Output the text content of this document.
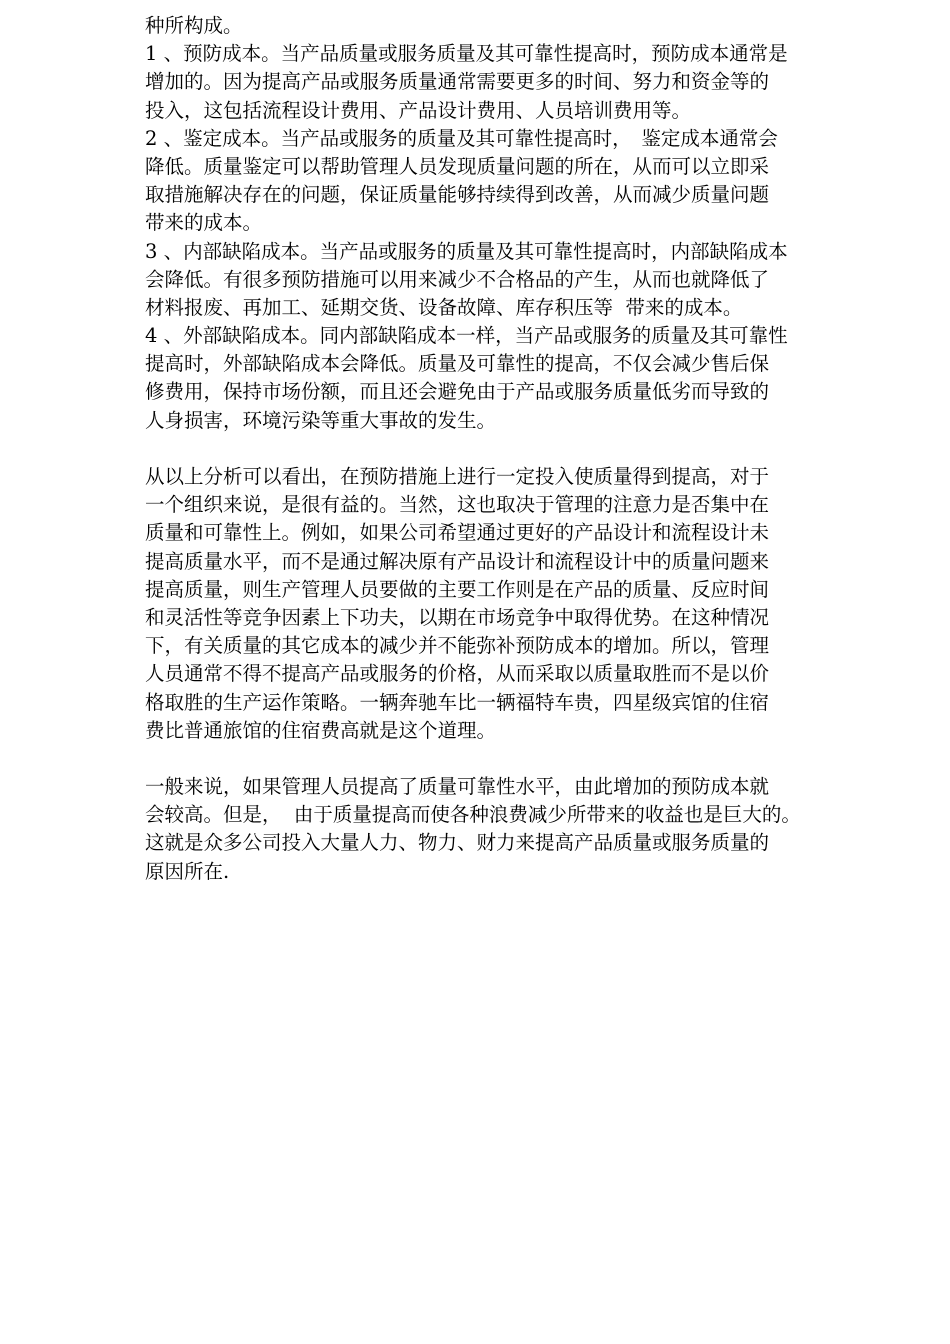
种所构成。
1 、预防成本。当产品质量或服务质量及其可靠性提高时，预防成本通常是
增加的。因为提高产品或服务质量通常需要更多的时间、努力和资金等的
投入，这包括流程设计费用、产品设计费用、人员培训费用等。
2 、鉴定成本。当产品或服务的质量及其可靠性提高时，　鉴定成本通常会
降低。质量鉴定可以帮助管理人员发现质量问题的所在，从而可以立即采
取措施解决存在的问题，保证质量能够持续得到改善，从而减少质量问题
带来的成本。
3 、内部缺陷成本。当产品或服务的质量及其可靠性提高时，内部缺陷成本
会降低。有很多预防措施可以用来减少不合格品的产生，从而也就降低了
材料报废、再加工、延期交货、设备故障、库存积压等  带来的成本。
4 、外部缺陷成本。同内部缺陷成本一样，当产品或服务的质量及其可靠性
提高时，外部缺陷成本会降低。质量及可靠性的提高，不仅会减少售后保
修费用，保持市场份额，而且还会避免由于产品或服务质量低劣而导致的
人身损害，环境污染等重大事故的发生。
从以上分析可以看出，在预防措施上进行一定投入使质量得到提高，对于
一个组织来说，是很有益的。当然，这也取决于管理的注意力是否集中在
质量和可靠性上。例如，如果公司希望通过更好的产品设计和流程设计未
提高质量水平，而不是通过解决原有产品设计和流程设计中的质量问题来
提高质量，则生产管理人员要做的主要工作则是在产品的质量、反应时间
和灵活性等竞争因素上下功夫，以期在市场竞争中取得优势。在这种情况
下，有关质量的其它成本的减少并不能弥补预防成本的增加。所以，管理
人员通常不得不提高产品或服务的价格，从而采取以质量取胜而不是以价
格取胜的生产运作策略。一辆奔驰车比一辆福特车贵，四星级宾馆的住宿
费比普通旅馆的住宿费高就是这个道理。
一般来说，如果管理人员提高了质量可靠性水平，由此增加的预防成本就
会较高。但是，  由于质量提高而使各种浪费减少所带来的收益也是巨大的。
这就是众多公司投入大量人力、物力、财力来提高产品质量或服务质量的
原因所在.
